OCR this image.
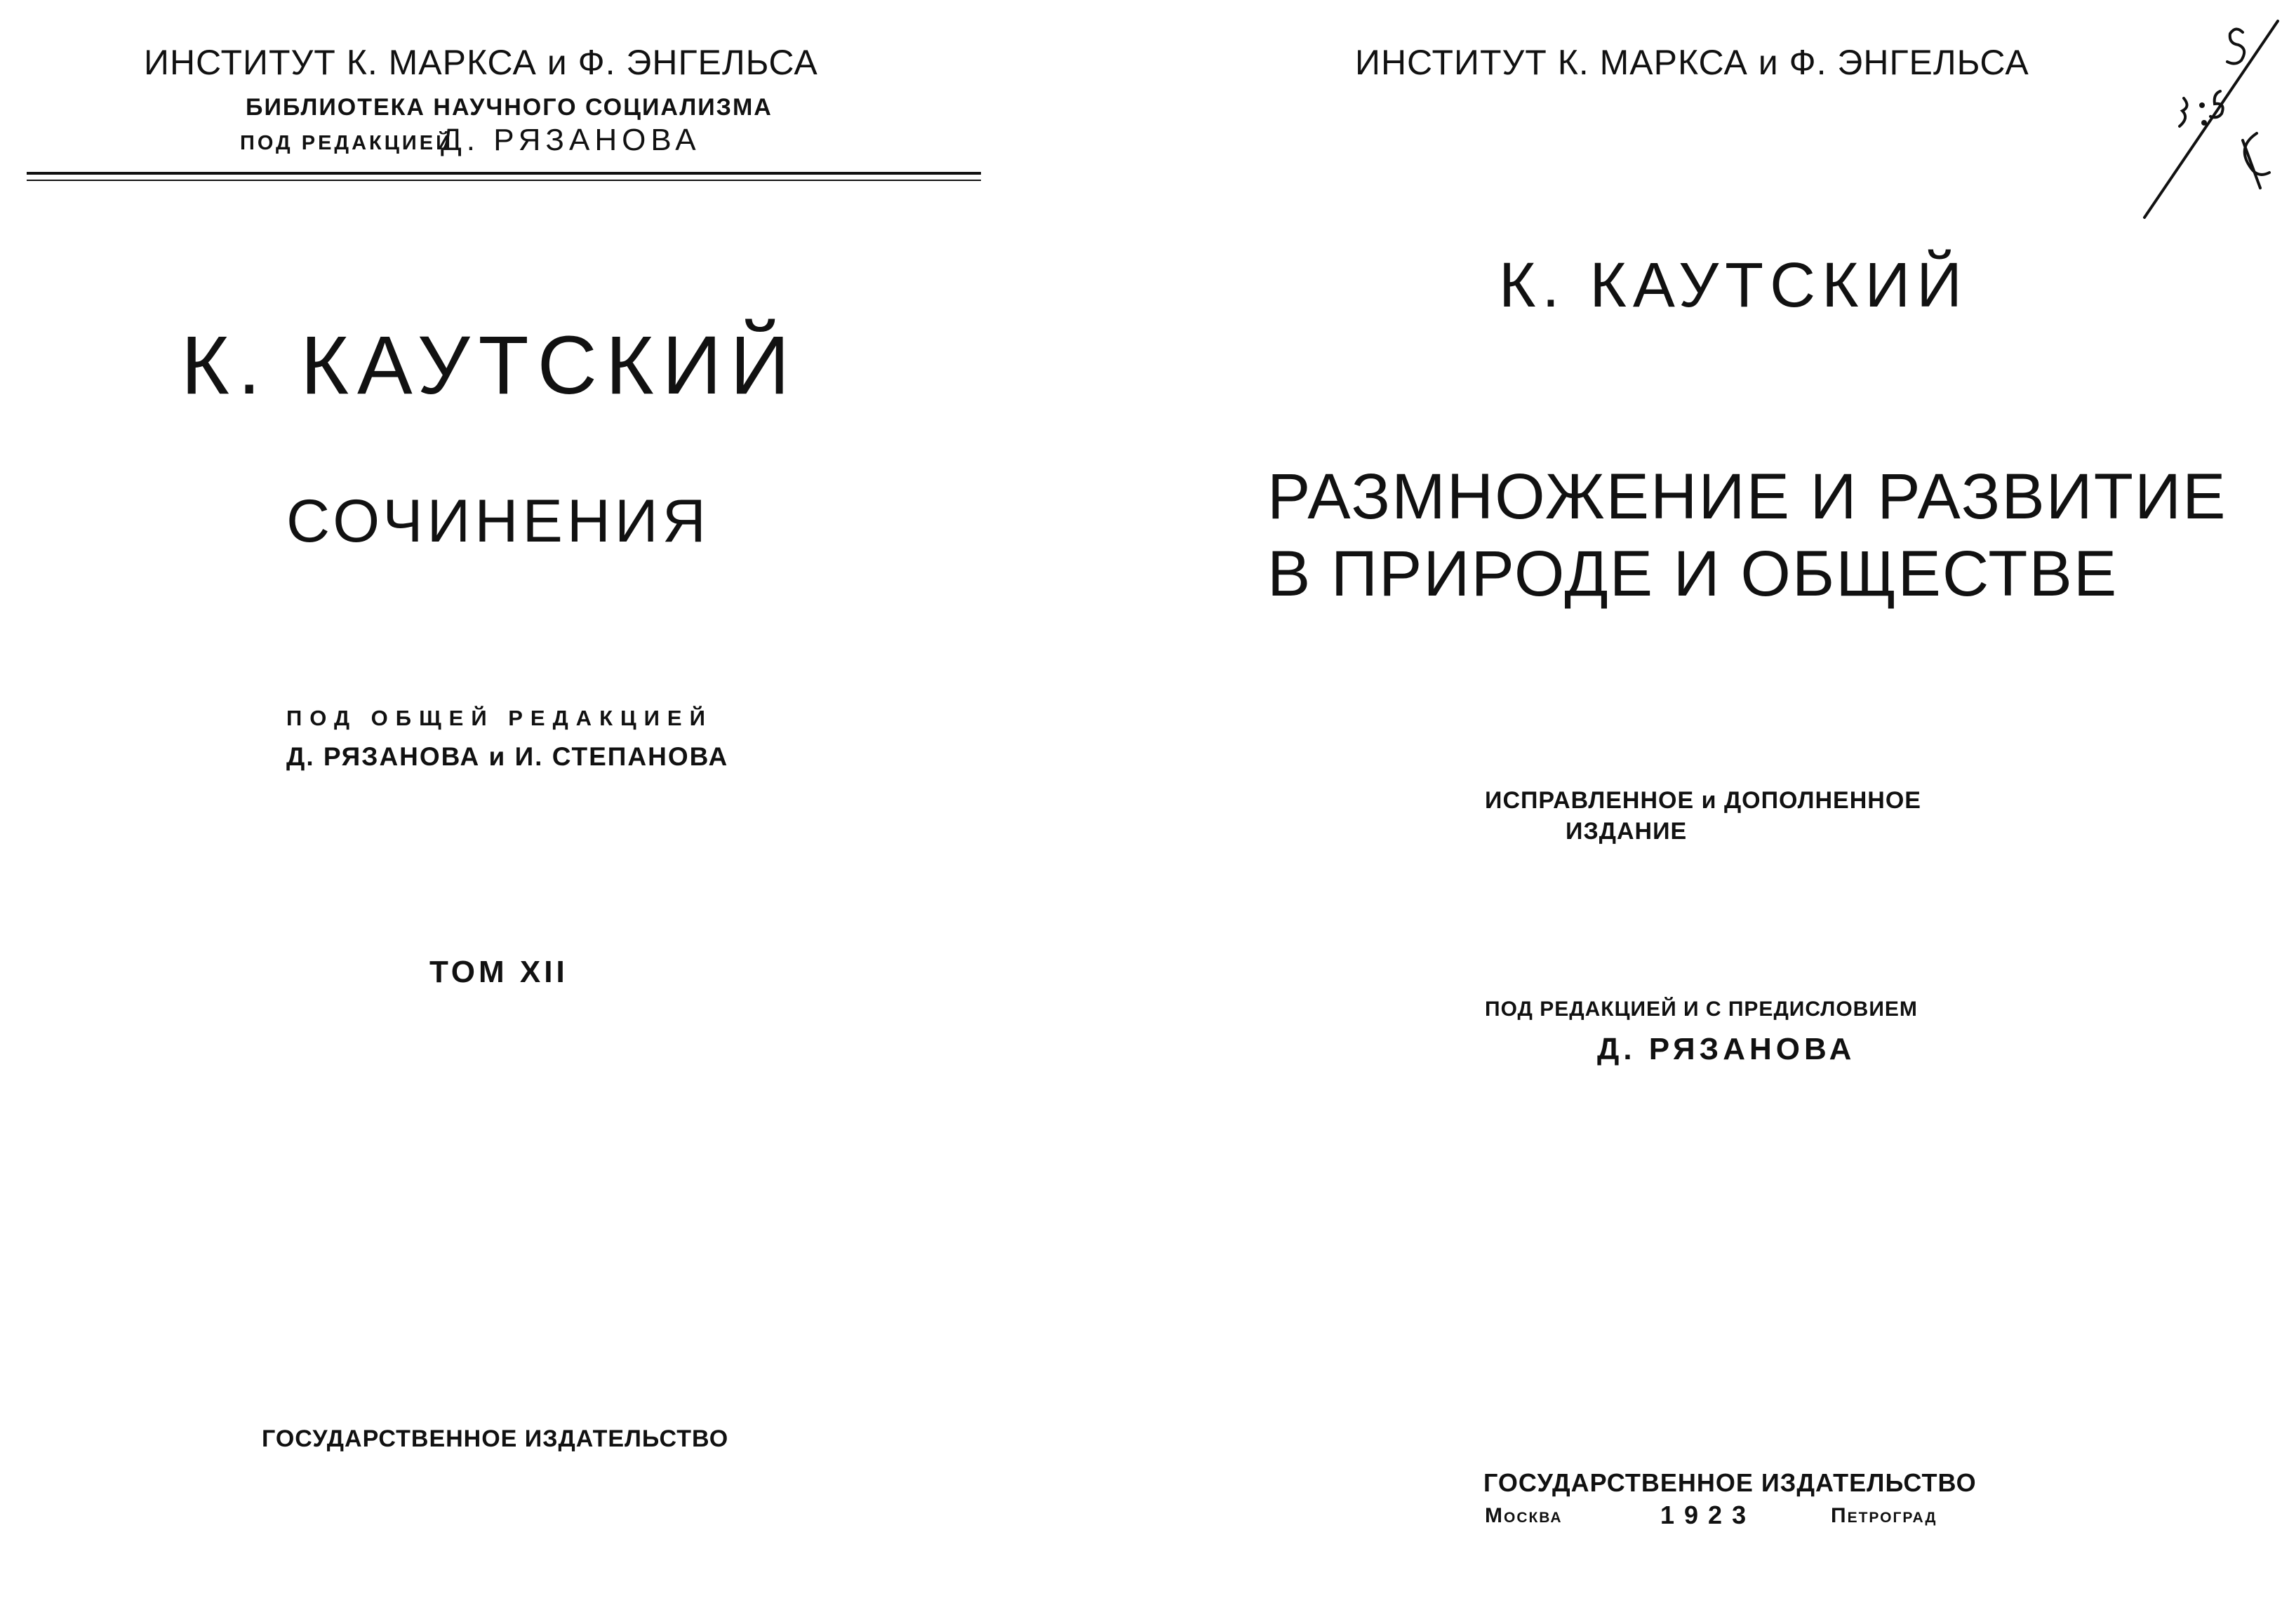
ИНСТИТУТ К. МАРКСА и Ф. ЭНГЕЛЬСА

БИБЛИОТЕКА НАУЧНОГО СОЦИАЛИЗМА

ПОД РЕДАКЦИЕЙ

Д. РЯЗАНОВА

К. КАУТСКИЙ

СОЧИНЕНИЯ

ПОД ОБЩЕЙ РЕДАКЦИЕЙ

Д. РЯЗАНОВА и И. СТЕПАНОВА

ТОМ XII

ГОСУДАРСТВЕННОЕ ИЗДАТЕЛЬСТВО

ИНСТИТУТ К. МАРКСА и Ф. ЭНГЕЛЬСА

К. КАУТСКИЙ

РАЗМНОЖЕНИЕ И РАЗВИТИЕ

В ПРИРОДЕ И ОБЩЕСТВЕ

ИСПРАВЛЕННОЕ и ДОПОЛНЕННОЕ

ИЗДАНИЕ

ПОД РЕДАКЦИЕЙ И С ПРЕДИСЛОВИЕМ

Д. РЯЗАНОВА

ГОСУДАРСТВЕННОЕ ИЗДАТЕЛЬСТВО

Москва	1923	Петроград
